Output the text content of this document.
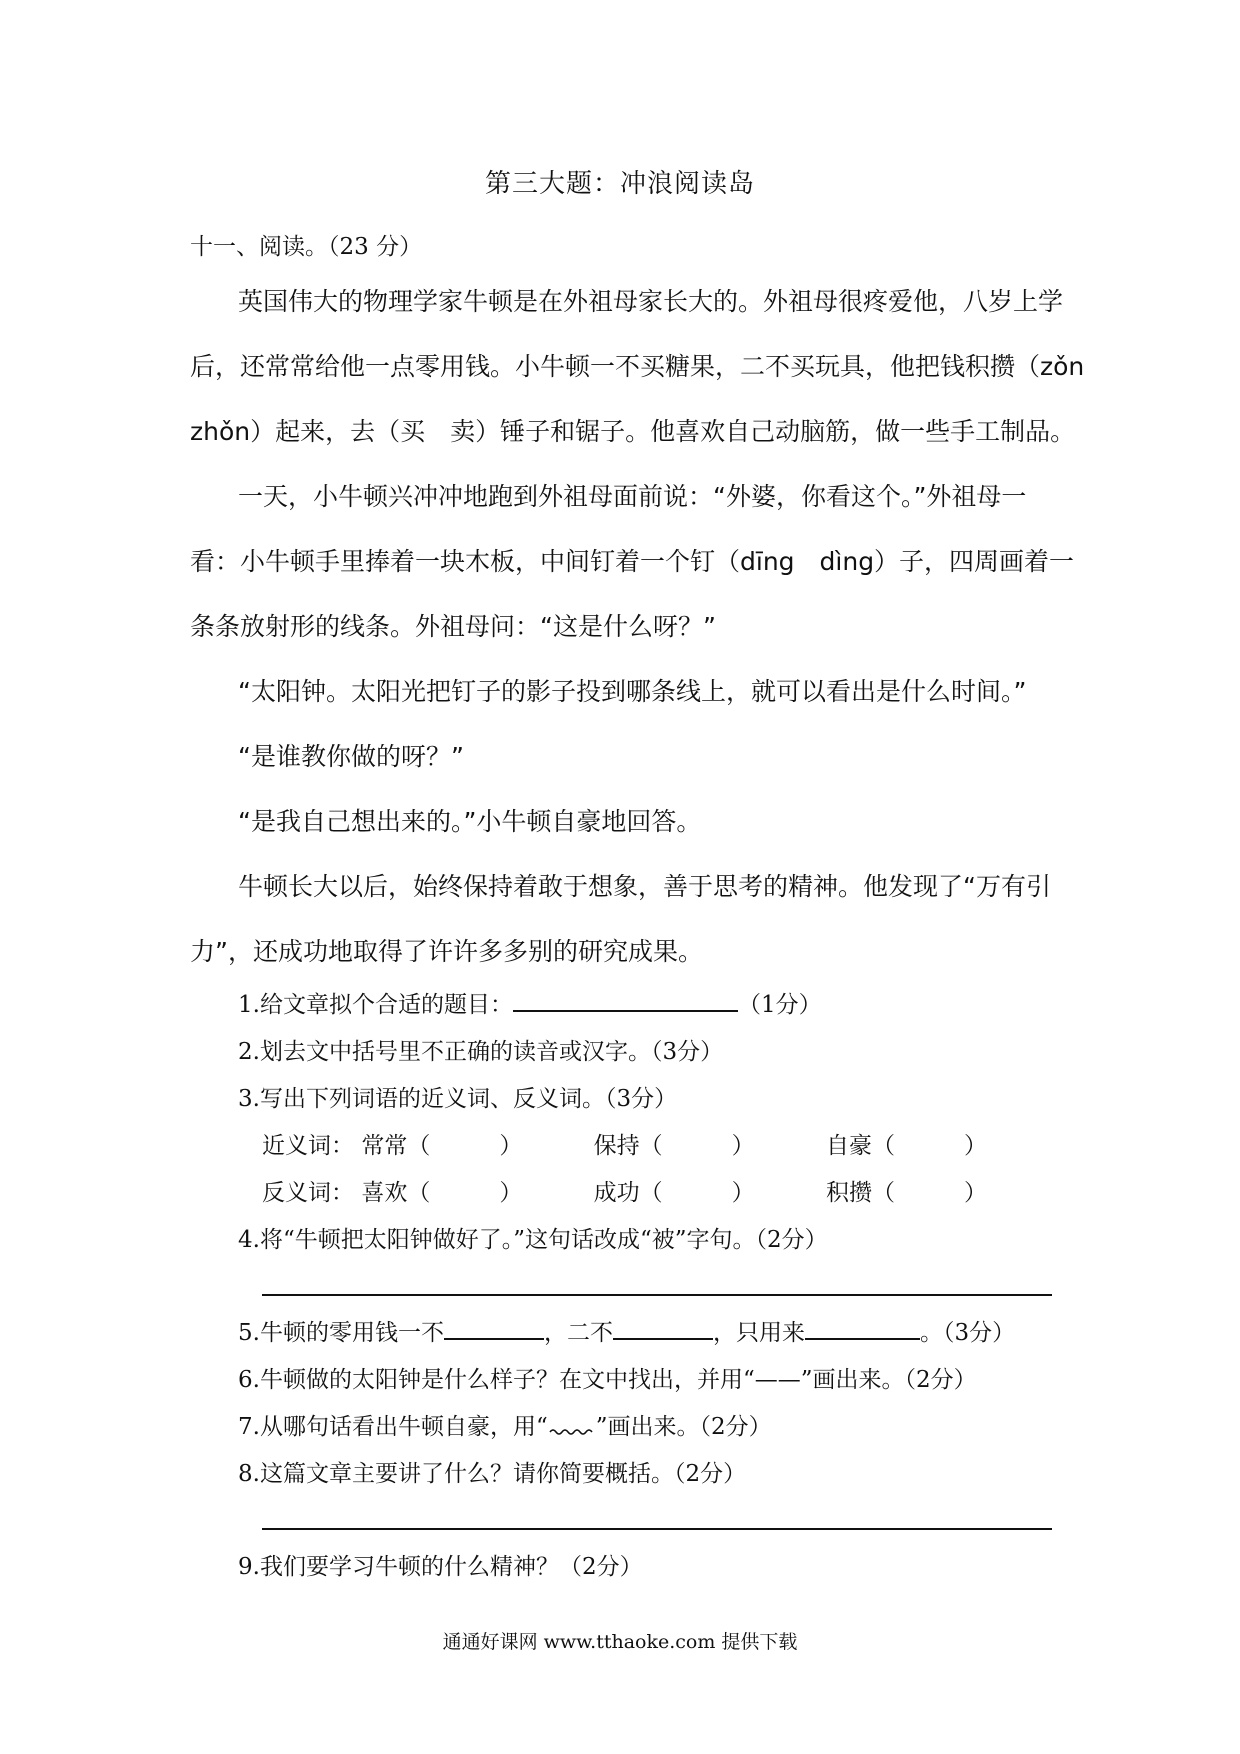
第三大题：冲浪阅读岛
十一、阅读。（23 分）
英国伟大的物理学家牛顿是在外祖母家长大的。外祖母很疼爱他，八岁上学
后，还常常给他一点零用钱。小牛顿一不买糖果，二不买玩具，他把钱积攒（zǒn
zhǒn）起来，去（买　卖）锤子和锯子。他喜欢自己动脑筋，做一些手工制品。
一天，小牛顿兴冲冲地跑到外祖母面前说：“外婆，你看这个。”外祖母一
看：小牛顿手里捧着一块木板，中间钉着一个钉（dīng　dìng）子，四周画着一
条条放射形的线条。外祖母问：“这是什么呀？”
“太阳钟。太阳光把钉子的影子投到哪条线上，就可以看出是什么时间。”
“是谁教你做的呀？”
“是我自己想出来的。”小牛顿自豪地回答。
牛顿长大以后，始终保持着敢于想象，善于思考的精神。他发现了“万有引
力”，还成功地取得了许许多多别的研究成果。
1.给文章拟个合适的题目：	（1分）
2.划去文中括号里不正确的读音或汉字。（3分）
3.写出下列词语的近义词、反义词。（3分）
近义词： 常常（　　　）	保持（　　　）	自豪（　　　）
反义词： 喜欢（　　　）	成功（　　　）	积攒（　　　）
4.将“牛顿把太阳钟做好了。”这句话改成“被”字句。（2分）
5.牛顿的零用钱一不	，二不	，只用来	。（3分）
6.牛顿做的太阳钟是什么样子？在文中找出，并用“——”画出来。（2分）
7.从哪句话看出牛顿自豪，用“ ”画出来。（2分）
8.这篇文章主要讲了什么？请你简要概括。（2分）
9.我们要学习牛顿的什么精神？（2分）
通通好课网 www.tthaoke.com 提供下载
